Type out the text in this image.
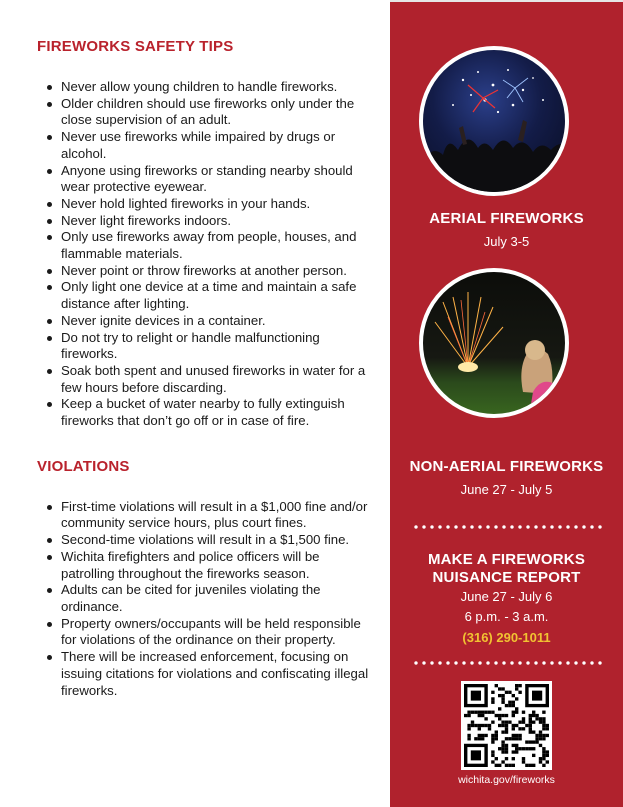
FIREWORKS SAFETY TIPS
Never allow young children to handle fireworks.
Older children should use fireworks only under the close supervision of an adult.
Never use fireworks while impaired by drugs or alcohol.
Anyone using fireworks or standing nearby should wear protective eyewear.
Never hold lighted fireworks in your hands.
Never light fireworks indoors.
Only use fireworks away from people, houses, and flammable materials.
Never point or throw fireworks at another person.
Only light one device at a time and maintain a safe distance after lighting.
Never ignite devices in a container.
Do not try to relight or handle malfunctioning fireworks.
Soak both spent and unused fireworks in water for a few hours before discarding.
Keep a bucket of water nearby to fully extinguish fireworks that don’t go off or in case of fire.
VIOLATIONS
First-time violations will result in a $1,000 fine and/or community service hours, plus court fines.
Second-time violations will result in a $1,500 fine.
Wichita firefighters and police officers will be patrolling throughout the fireworks season.
Adults can be cited for juveniles violating the ordinance.
Property owners/occupants will be held responsible for violations of the ordinance on their property.
There will be increased enforcement, focusing on issuing citations for violations and confiscating illegal fireworks.
AERIAL FIREWORKS
July 3-5
NON-AERIAL FIREWORKS
June 27 - July 5
MAKE A FIREWORKS
NUISANCE REPORT
June 27 - July 6
6 p.m. - 3 a.m.
(316) 290-1011
wichita.gov/fireworks
